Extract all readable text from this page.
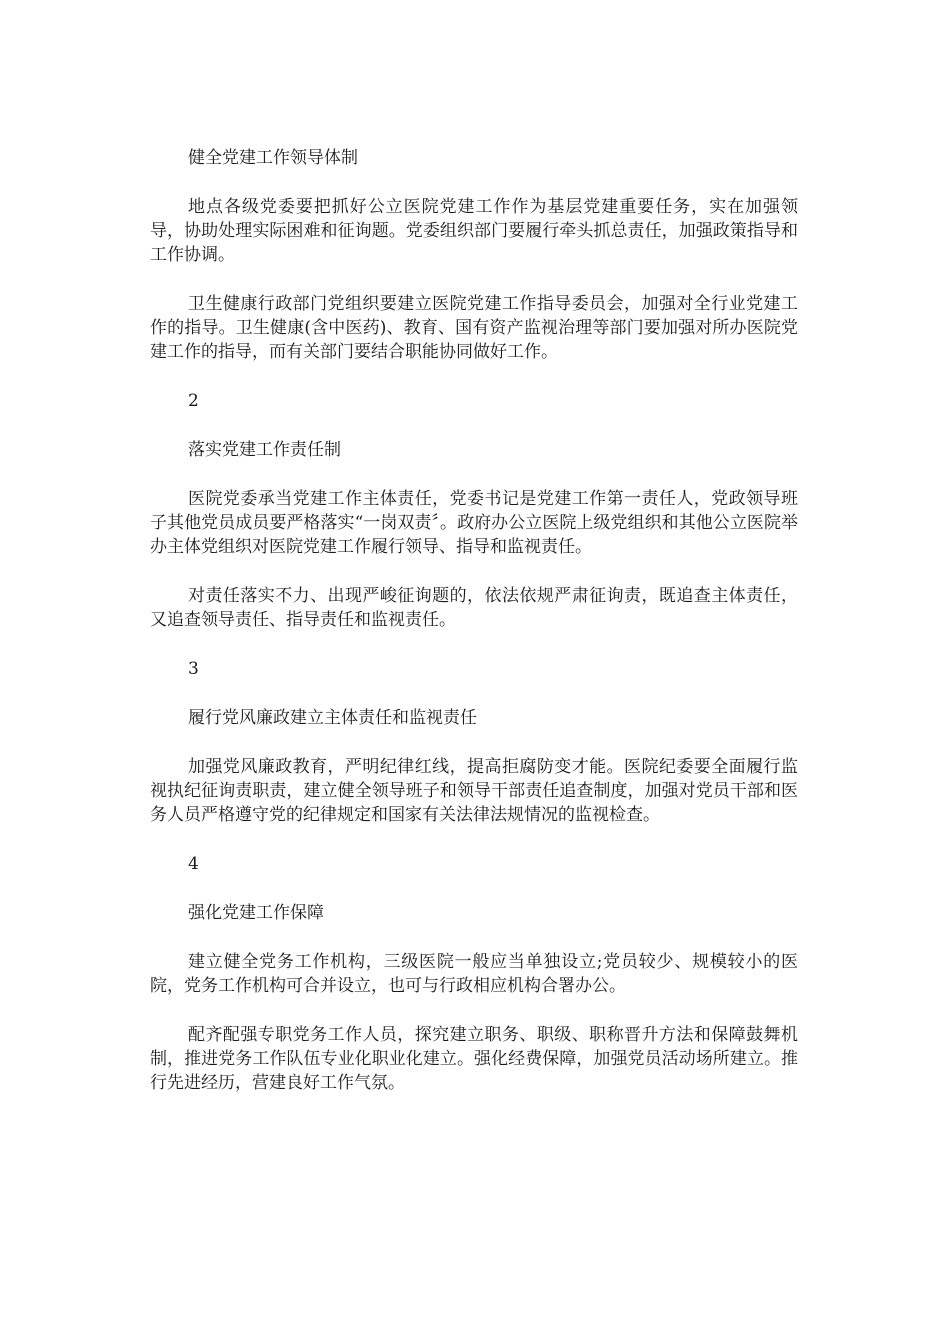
健全党建工作领导体制

地点各级党委要把抓好公立医院党建工作作为基层党建重要任务，实在加强领导，协助处理实际困难和征询题。党委组织部门要履行牵头抓总责任，加强政策指导和工作协调。

卫生健康行政部门党组织要建立医院党建工作指导委员会，加强对全行业党建工作的指导。卫生健康(含中医药)、教育、国有资产监视治理等部门要加强对所办医院党建工作的指导，而有关部门要结合职能协同做好工作。

2

落实党建工作责任制

医院党委承当党建工作主体责任，党委书记是党建工作第一责任人，党政领导班子其他党员成员要严格落实“一岗双责〞。政府办公立医院上级党组织和其他公立医院举办主体党组织对医院党建工作履行领导、指导和监视责任。

对责任落实不力、出现严峻征询题的，依法依规严肃征询责，既追查主体责任，又追查领导责任、指导责任和监视责任。

3

履行党风廉政建立主体责任和监视责任

加强党风廉政教育，严明纪律红线，提高拒腐防变才能。医院纪委要全面履行监视执纪征询责职责，建立健全领导班子和领导干部责任追查制度，加强对党员干部和医务人员严格遵守党的纪律规定和国家有关法律法规情况的监视检查。

4

强化党建工作保障

建立健全党务工作机构，三级医院一般应当单独设立;党员较少、规模较小的医院，党务工作机构可合并设立，也可与行政相应机构合署办公。

配齐配强专职党务工作人员，探究建立职务、职级、职称晋升方法和保障鼓舞机制，推进党务工作队伍专业化职业化建立。强化经费保障，加强党员活动场所建立。推行先进经历，营建良好工作气氛。
